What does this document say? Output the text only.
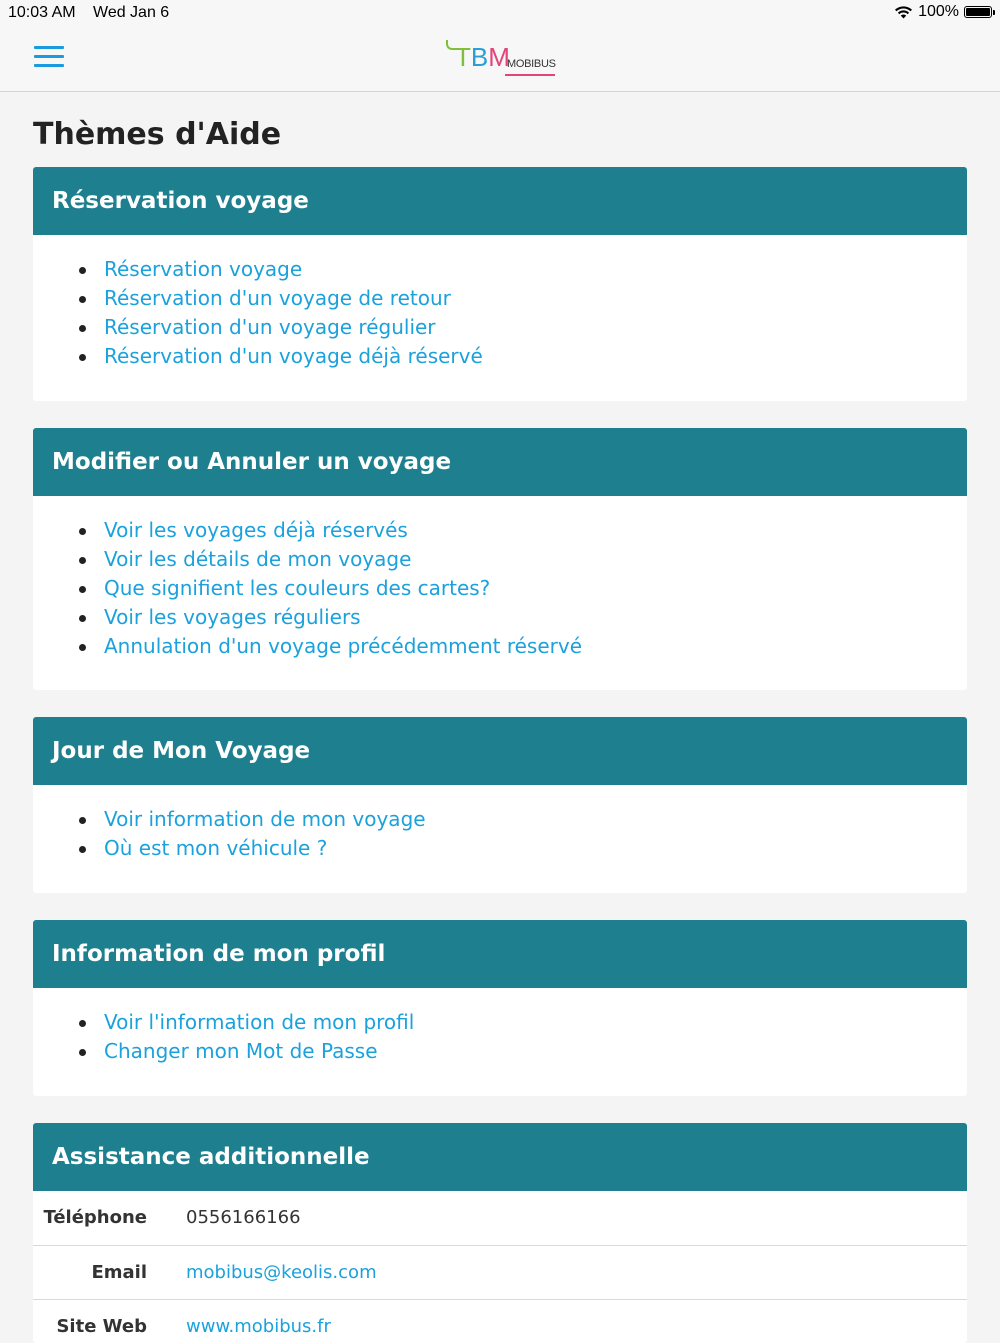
10:03 AM Wed Jan 6	100%
TBM
MOBIBUS
Thèmes d'Aide
Réservation voyage
Réservation voyage
Réservation d'un voyage de retour
Réservation d'un voyage régulier
Réservation d'un voyage déjà réservé
Modifier ou Annuler un voyage
Voir les voyages déjà réservés
Voir les détails de mon voyage
Que signifient les couleurs des cartes?
Voir les voyages réguliers
Annulation d'un voyage précédemment réservé
Jour de Mon Voyage
Voir information de mon voyage
Où est mon véhicule ?
Information de mon profil
Voir l'information de mon profil
Changer mon Mot de Passe
Assistance additionnelle
Téléphone	0556166166
Email	mobibus@keolis.com
Site Web	www.mobibus.fr
